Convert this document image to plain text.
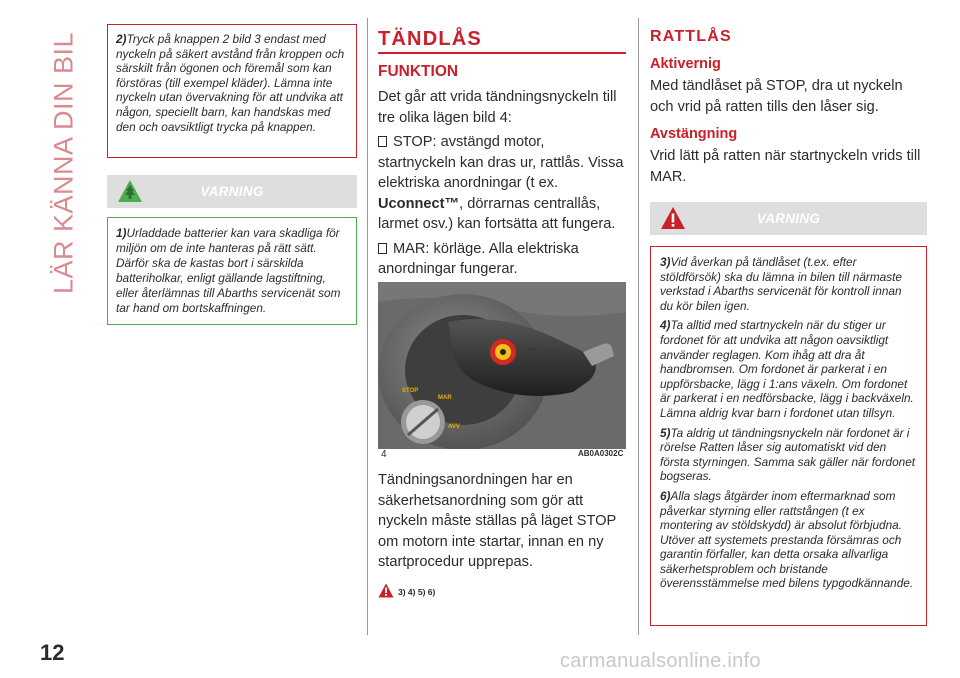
LÄR KÄNNA DIN BIL
12	carmanualsonline.info

2)Tryck på knappen 2 bild 3 endast med nyckeln på säkert avstånd från kroppen och särskilt från ögonen och föremål som kan förstöras (till exempel kläder). Lämna inte nyckeln utan övervakning för att undvika att någon, speciellt barn, kan handskas med den och oavsiktligt trycka på knappen.

VARNING

1)Urladdade batterier kan vara skadliga för miljön om de inte hanteras på rätt sätt. Därför ska de kastas bort i särskilda batteriholkar, enligt gällande lagstiftning, eller återlämnas till Abarths servicenät som tar hand om bortskaffningen.

TÄNDLÅS

FUNKTION

Det går att vrida tändningsnyckeln till tre olika lägen bild 4:

STOP: avstängd motor, startnyckeln kan dras ur, rattlås. Vissa elektriska anordningar (t ex. Uconnect™, dörrarnas centrallås, larmet osv.) kan fortsätta att fungera.

MAR: körläge. Alla elektriska anordningar fungerar.

FIAT
STOP
MAR
AVV
4	AB0A0302C

Tändningsanordningen har en säkerhetsanordning som gör att nyckeln måste ställas på läget STOP om motorn inte startar, innan en ny startprocedur upprepas.

3) 4) 5) 6)

RATTLÅS

Aktivernig

Med tändlåset på STOP, dra ut nyckeln och vrid på ratten tills den låser sig.

Avstängning

Vrid lätt på ratten när startnyckeln vrids till MAR.

VARNING

3)Vid åverkan på tändlåset (t.ex. efter stöldförsök) ska du lämna in bilen till närmaste verkstad i Abarths servicenät för kontroll innan du kör bilen igen.

4)Ta alltid med startnyckeln när du stiger ur fordonet för att undvika att någon oavsiktligt använder reglagen. Kom ihåg att dra åt handbromsen. Om fordonet är parkerat i en uppförsbacke, lägg i 1:ans växeln. Om fordonet är parkerat i en nedförsbacke, lägg i backväxeln. Lämna aldrig kvar barn i fordonet utan tillsyn.

5)Ta aldrig ut tändningsnyckeln när fordonet är i rörelse Ratten låser sig automatiskt vid den första styrningen. Samma sak gäller när fordonet bogseras.

6)Alla slags åtgärder inom eftermarknad som påverkar styrning eller rattstången (t ex montering av stöldskydd) är absolut förbjudna. Utöver att systemets prestanda försämras och garantin förfaller, kan detta orsaka allvarliga säkerhetsproblem och bristande överensstämmelse med bilens typgodkännande.
